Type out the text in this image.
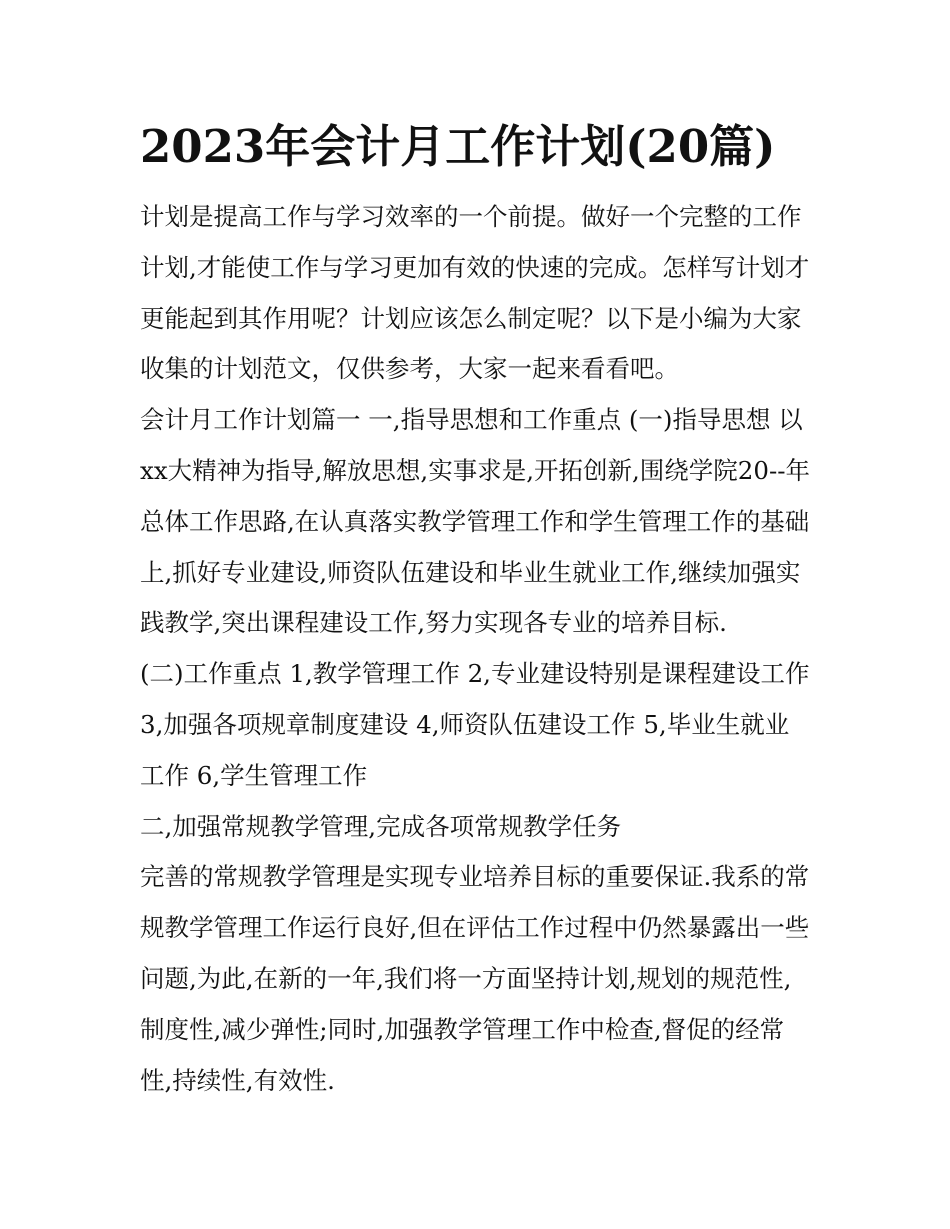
2023年会计月工作计划(20篇)

计划是提高工作与学习效率的一个前提。做好一个完整的工作计划,才能使工作与学习更加有效的快速的完成。怎样写计划才更能起到其作用呢？计划应该怎么制定呢？以下是小编为大家收集的计划范文，仅供参考，大家一起来看看吧。

会计月工作计划篇一 一,指导思想和工作重点 (一)指导思想 以xx大精神为指导,解放思想,实事求是,开拓创新,围绕学院20--年总体工作思路,在认真落实教学管理工作和学生管理工作的基础上,抓好专业建设,师资队伍建设和毕业生就业工作,继续加强实践教学,突出课程建设工作,努力实现各专业的培养目标.

(二)工作重点 1,教学管理工作 2,专业建设特别是课程建设工作 3,加强各项规章制度建设 4,师资队伍建设工作 5,毕业生就业工作 6,学生管理工作

二,加强常规教学管理,完成各项常规教学任务

完善的常规教学管理是实现专业培养目标的重要保证.我系的常规教学管理工作运行良好,但在评估工作过程中仍然暴露出一些问题,为此,在新的一年,我们将一方面坚持计划,规划的规范性,制度性,减少弹性;同时,加强教学管理工作中检查,督促的经常性,持续性,有效性.
